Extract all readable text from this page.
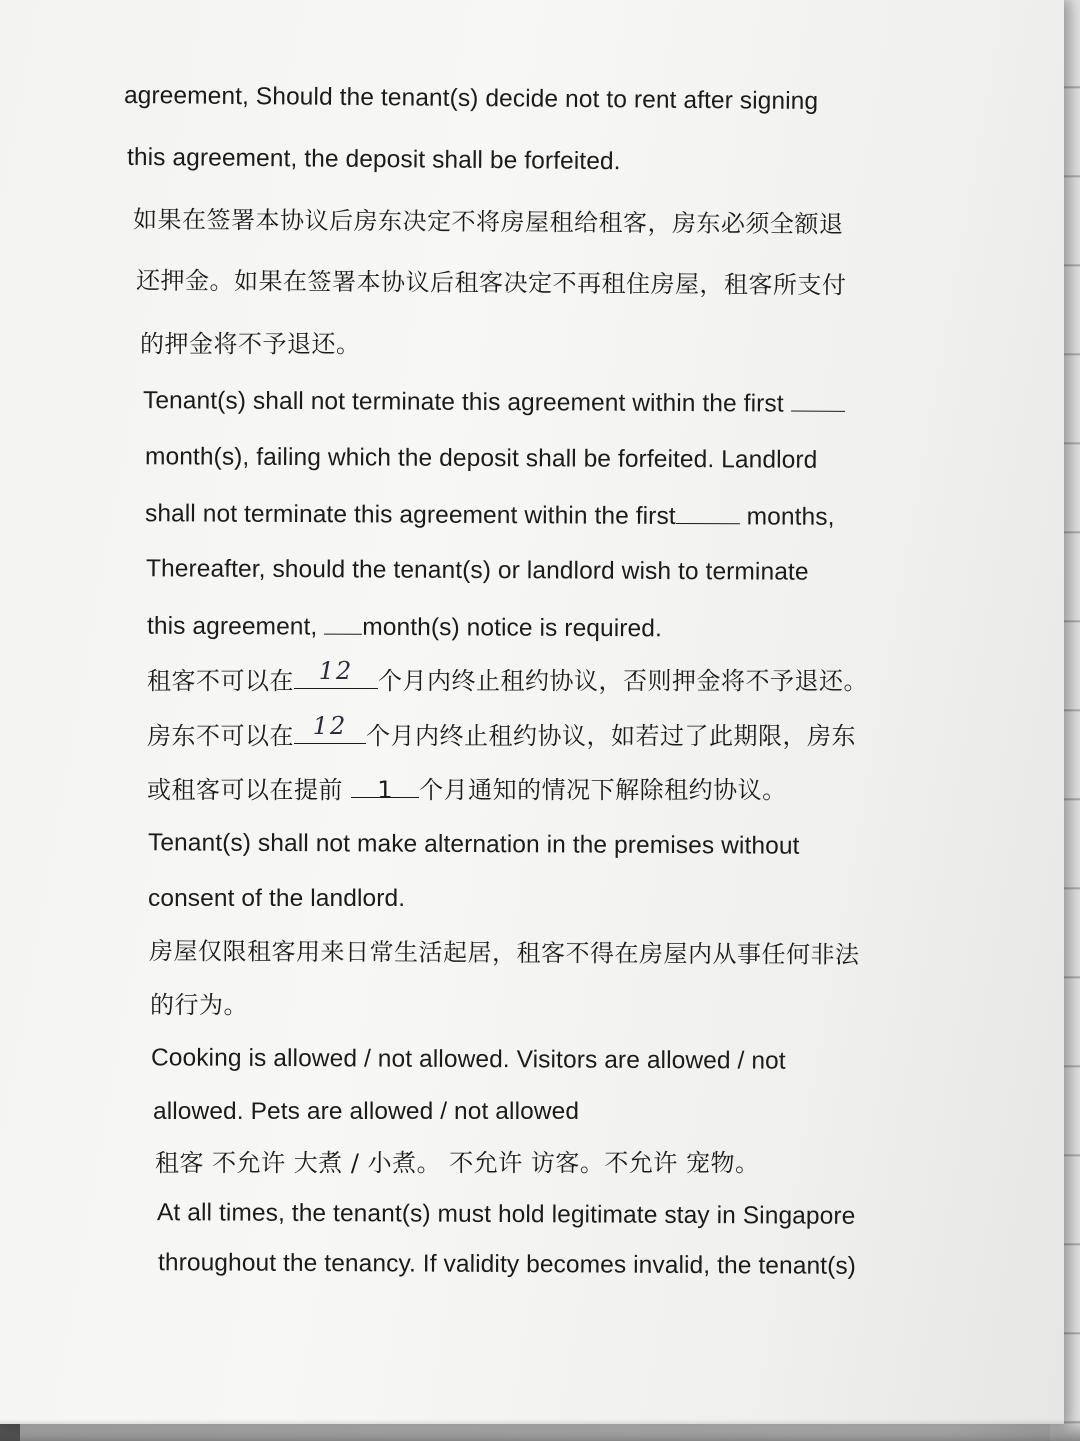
agreement, Should the tenant(s) decide not to rent after signing

this agreement, the deposit shall be forfeited.

如果在签署本协议后房东决定不将房屋租给租客，房东必须全额退

还押金。如果在签署本协议后租客决定不再租住房屋，租客所支付

的押金将不予退还。

Tenant(s) shall not terminate this agreement within the first

month(s), failing which the deposit shall be forfeited. Landlord

shall not terminate this agreement within the first	months,

Thereafter, should the tenant(s) or landlord wish to terminate

this agreement, month(s) notice is required.

租客不可以在 12 个月内终止租约协议，否则押金将不予退还。

房东不可以在 12 个月内终止租约协议，如若过了此期限，房东

或租客可以在提前 1 个月通知的情况下解除租约协议。

Tenant(s) shall not make alternation in the premises without

consent of the landlord.

房屋仅限租客用来日常生活起居，租客不得在房屋内从事任何非法

的行为。

Cooking is allowed / not allowed. Visitors are allowed / not

allowed. Pets are allowed / not allowed

租客 不允许 大煮 / 小煮。 不允许 访客。不允许 宠物。

At all times, the tenant(s) must hold legitimate stay in Singapore

throughout the tenancy. If validity becomes invalid, the tenant(s)
